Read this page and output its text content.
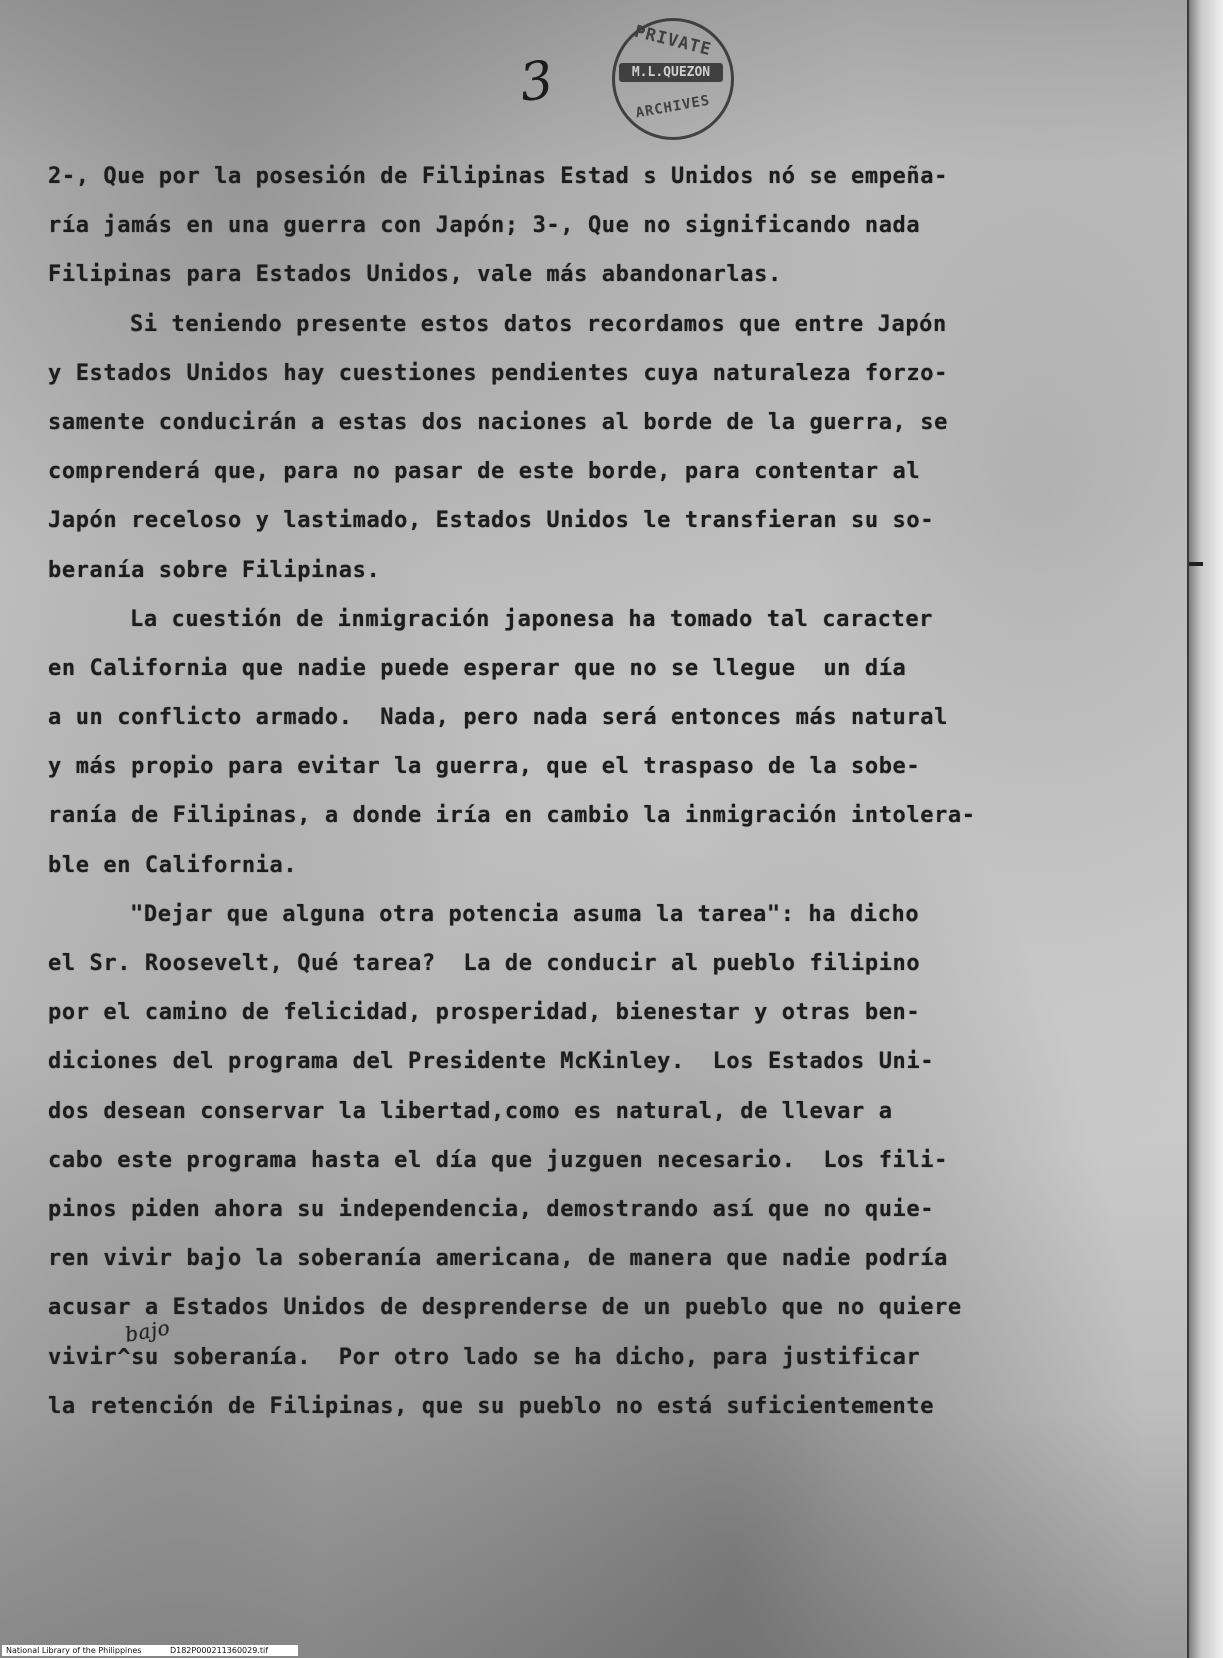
3
PRIVATE
M.L.QUEZON
ARCHIVES
2-, Que por la posesión de Filipinas Estad s Unidos nó se empeña-
ría jamás en una guerra con Japón; 3-, Que no significando nada
Filipinas para Estados Unidos, vale más abandonarlas.
Si teniendo presente estos datos recordamos que entre Japón
y Estados Unidos hay cuestiones pendientes cuya naturaleza forzo-
samente conducirán a estas dos naciones al borde de la guerra, se
comprenderá que, para no pasar de este borde, para contentar al
Japón receloso y lastimado, Estados Unidos le transfieran su so-
beranía sobre Filipinas.
La cuestión de inmigración japonesa ha tomado tal caracter
en California que nadie puede esperar que no se llegue  un día
a un conflicto armado.  Nada, pero nada será entonces más natural
y más propio para evitar la guerra, que el traspaso de la sobe-
ranía de Filipinas, a donde iría en cambio la inmigración intolera-
ble en California.
"Dejar que alguna otra potencia asuma la tarea": ha dicho
el Sr. Roosevelt, Qué tarea?  La de conducir al pueblo filipino
por el camino de felicidad, prosperidad, bienestar y otras ben-
diciones del programa del Presidente McKinley.  Los Estados Uni-
dos desean conservar la libertad,como es natural, de llevar a
cabo este programa hasta el día que juzguen necesario.  Los fili-
pinos piden ahora su independencia, demostrando así que no quie-
ren vivir bajo la soberanía americana, de manera que nadie podría
acusar a Estados Unidos de desprenderse de un pueblo que no quiere
vivir^
bajo
su soberanía.  Por otro lado se ha dicho, para justificar
la retención de Filipinas, que su pueblo no está suficientemente
National Library of the Philippines	D182P000211360029.tif
